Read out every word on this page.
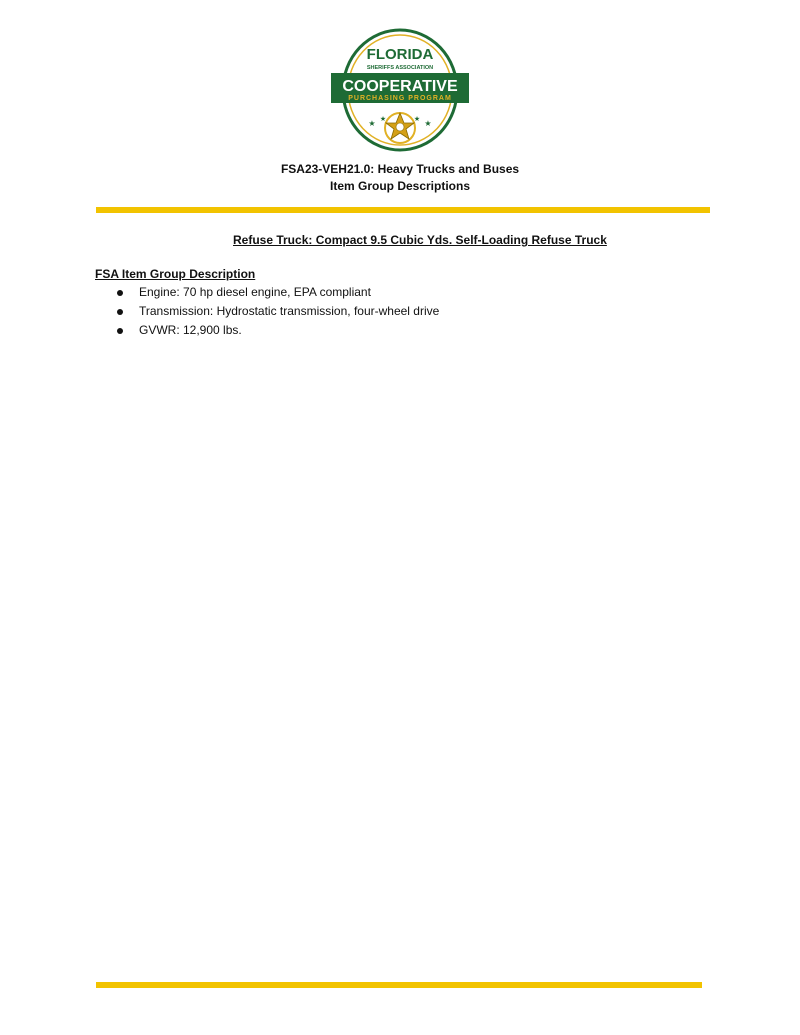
FLORIDA
SHERIFFS ASSOCIATION
COOPERATIVE
PURCHASING PROGRAM
★ ★	★ ★
FSA23-VEH21.0: Heavy Trucks and Buses
Item Group Descriptions
Refuse Truck: Compact 9.5 Cubic Yds. Self-Loading Refuse Truck
FSA Item Group Description
Engine: 70 hp diesel engine, EPA compliant
Transmission: Hydrostatic transmission, four-wheel drive
GVWR: 12,900 lbs.
